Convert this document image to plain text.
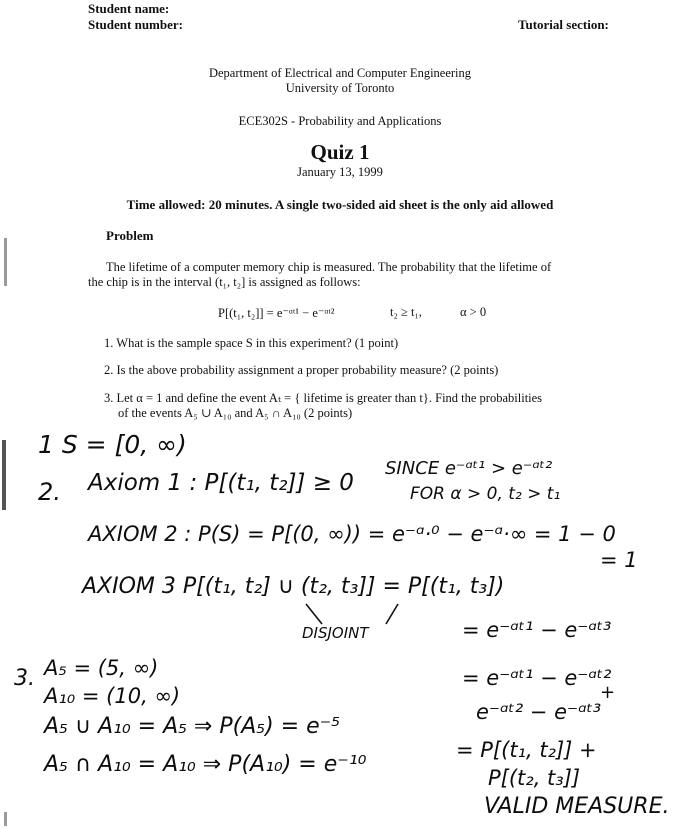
Student name:
Student number:	Tutorial section:
Department of Electrical and Computer Engineering
University of Toronto
ECE302S - Probability and Applications
Quiz 1
January 13, 1999
Time allowed: 20 minutes. A single two-sided aid sheet is the only aid allowed
Problem
The lifetime of a computer memory chip is measured. The probability that the lifetime of
the chip is in the interval (t₁, t₂] is assigned as follows:
P[(t₁, t₂]] = e⁻ᵅᵗ¹ − e⁻ᵅᵗ²	t₂ ≥ t₁,	α > 0
1. What is the sample space S in this experiment? (1 point)
2. Is the above probability assignment a proper probability measure? (2 points)
3. Let α = 1 and define the event Aₜ = { lifetime is greater than t}. Find the probabilities
of the events A₅ ∪ A₁₀ and A₅ ∩ A₁₀ (2 points)
1 S = [0, ∞)
2. Axiom 1 : P[(t₁, t₂]] ≥ 0
SINCE e⁻ᵅᵗ¹ > e⁻ᵅᵗ²
FOR α > 0, t₂ > t₁
AXIOM 2 : P(S) = P[(0, ∞)) = e⁻ᵅ·⁰ − e⁻ᵅ·∞ = 1 − 0
= 1
AXIOM 3 P[(t₁, t₂] ∪ (t₂, t₃]] = P[(t₁, t₃])
DISJOINT	= e⁻ᵅᵗ¹ − e⁻ᵅᵗ³
= e⁻ᵅᵗ¹ − e⁻ᵅᵗ²
+
e⁻ᵅᵗ² − e⁻ᵅᵗ³
= P[(t₁, t₂]] +
P[(t₂, t₃]]
VALID MEASURE.
3. A₅ = (5, ∞)
A₁₀ = (10, ∞)
A₅ ∪ A₁₀ = A₅ ⇒ P(A₅) = e⁻⁵
A₅ ∩ A₁₀ = A₁₀ ⇒ P(A₁₀) = e⁻¹⁰
